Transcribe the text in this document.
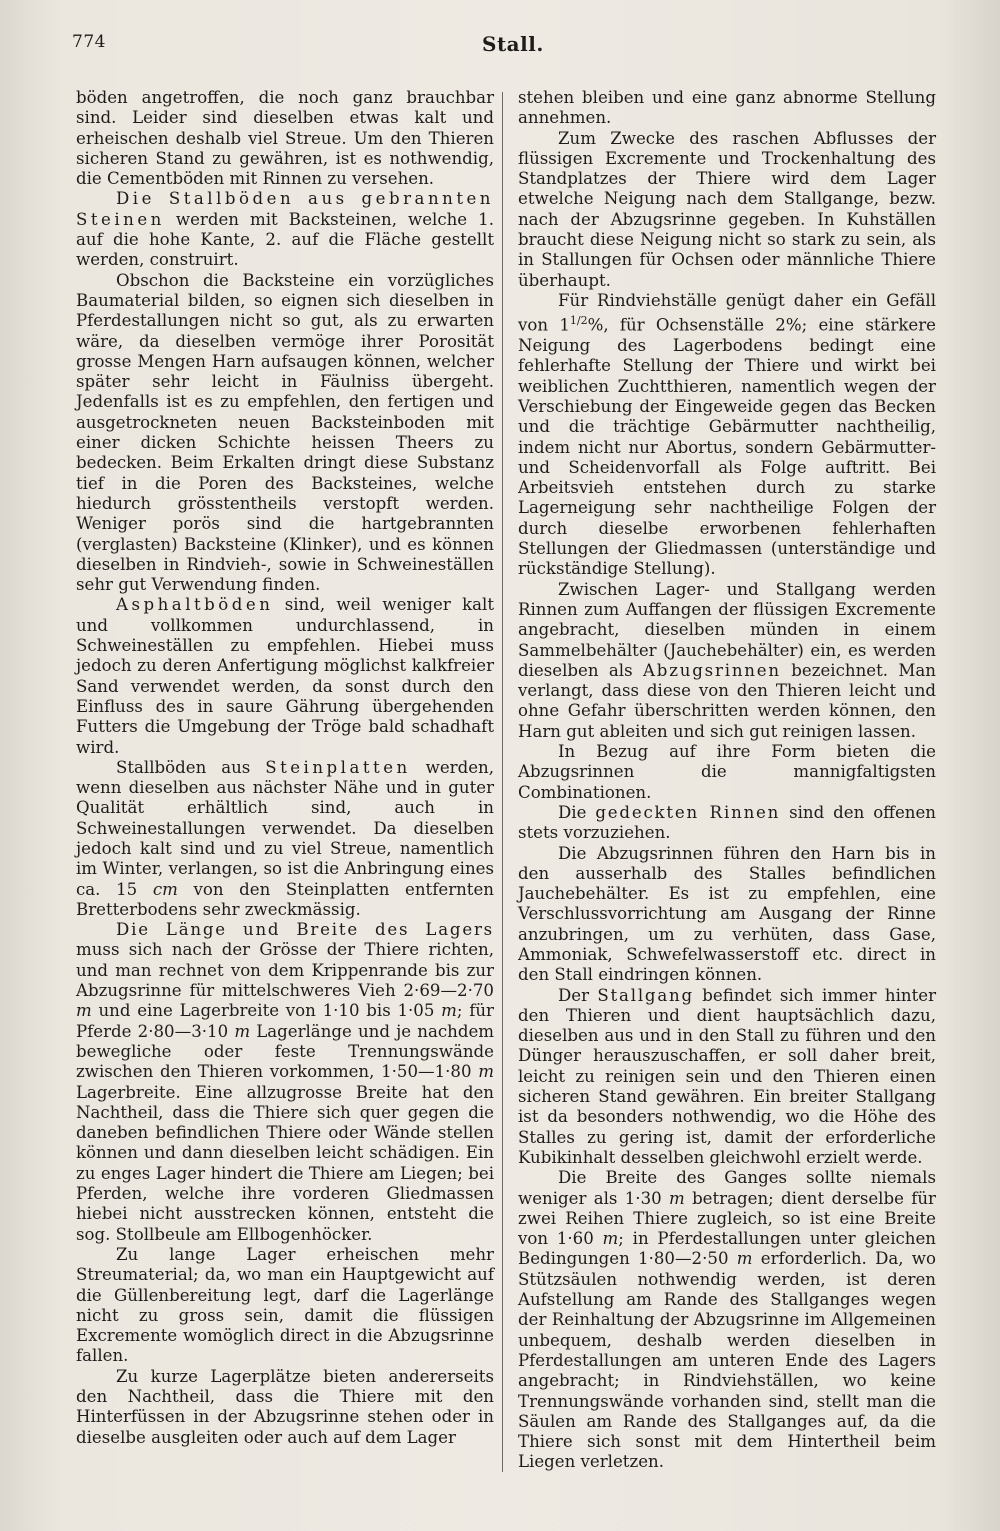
774	Stall.

böden angetroffen, die noch ganz brauchbar sind. Leider sind dieselben etwas kalt und erheischen deshalb viel Streue. Um den Thieren sicheren Stand zu gewähren, ist es nothwendig, die Cementböden mit Rinnen zu versehen.

Die Stallböden aus gebrannten Steinen werden mit Backsteinen, welche 1. auf die hohe Kante, 2. auf die Fläche gestellt werden, construirt.

Obschon die Backsteine ein vorzügliches Baumaterial bilden, so eignen sich dieselben in Pferdestallungen nicht so gut, als zu erwarten wäre, da dieselben vermöge ihrer Porosität grosse Mengen Harn aufsaugen können, welcher später sehr leicht in Fäulniss übergeht. Jedenfalls ist es zu empfehlen, den fertigen und ausgetrockneten neuen Backsteinboden mit einer dicken Schichte heissen Theers zu bedecken. Beim Erkalten dringt diese Substanz tief in die Poren des Backsteines, welche hiedurch grösstentheils verstopft werden. Weniger porös sind die hartgebrannten (verglasten) Backsteine (Klinker), und es können dieselben in Rindvieh-, sowie in Schweineställen sehr gut Verwendung finden.

Asphaltböden sind, weil weniger kalt und vollkommen undurchlassend, in Schweineställen zu empfehlen. Hiebei muss jedoch zu deren Anfertigung möglichst kalkfreier Sand verwendet werden, da sonst durch den Einfluss des in saure Gährung übergehenden Futters die Umgebung der Tröge bald schadhaft wird.

Stallböden aus Steinplatten werden, wenn dieselben aus nächster Nähe und in guter Qualität erhältlich sind, auch in Schweinestallungen verwendet. Da dieselben jedoch kalt sind und zu viel Streue, namentlich im Winter, verlangen, so ist die Anbringung eines ca. 15 cm von den Steinplatten entfernten Bretterbodens sehr zweckmässig.

Die Länge und Breite des Lagers muss sich nach der Grösse der Thiere richten, und man rechnet von dem Krippenrande bis zur Abzugsrinne für mittelschweres Vieh 2·69—2·70 m und eine Lagerbreite von 1·10 bis 1·05 m; für Pferde 2·80—3·10 m Lagerlänge und je nachdem bewegliche oder feste Trennungswände zwischen den Thieren vorkommen, 1·50—1·80 m Lagerbreite. Eine allzugrosse Breite hat den Nachtheil, dass die Thiere sich quer gegen die daneben befindlichen Thiere oder Wände stellen können und dann dieselben leicht schädigen. Ein zu enges Lager hindert die Thiere am Liegen; bei Pferden, welche ihre vorderen Gliedmassen hiebei nicht ausstrecken können, entsteht die sog. Stollbeule am Ellbogenhöcker.

Zu lange Lager erheischen mehr Streumaterial; da, wo man ein Hauptgewicht auf die Güllenbereitung legt, darf die Lagerlänge nicht zu gross sein, damit die flüssigen Excremente womöglich direct in die Abzugsrinne fallen.

Zu kurze Lagerplätze bieten andererseits den Nachtheil, dass die Thiere mit den Hinterfüssen in der Abzugsrinne stehen oder in dieselbe ausgleiten oder auch auf dem Lager

stehen bleiben und eine ganz abnorme Stellung annehmen.

Zum Zwecke des raschen Abflusses der flüssigen Excremente und Trockenhaltung des Standplatzes der Thiere wird dem Lager etwelche Neigung nach dem Stallgange, bezw. nach der Abzugsrinne gegeben. In Kuhställen braucht diese Neigung nicht so stark zu sein, als in Stallungen für Ochsen oder männliche Thiere überhaupt.

Für Rindviehställe genügt daher ein Gefäll von $1^{1/2}\%$, für Ochsenställe 2%; eine stärkere Neigung des Lagerbodens bedingt eine fehlerhafte Stellung der Thiere und wirkt bei weiblichen Zuchtthieren, namentlich wegen der Verschiebung der Eingeweide gegen das Becken und die trächtige Gebärmutter nachtheilig, indem nicht nur Abortus, sondern Gebärmutter- und Scheidenvorfall als Folge auftritt. Bei Arbeitsvieh entstehen durch zu starke Lagerneigung sehr nachtheilige Folgen der durch dieselbe erworbenen fehlerhaften Stellungen der Gliedmassen (unterständige und rückständige Stellung).

Zwischen Lager- und Stallgang werden Rinnen zum Auffangen der flüssigen Excremente angebracht, dieselben münden in einem Sammelbehälter (Jauchebehälter) ein, es werden dieselben als Abzugsrinnen bezeichnet. Man verlangt, dass diese von den Thieren leicht und ohne Gefahr überschritten werden können, den Harn gut ableiten und sich gut reinigen lassen.

In Bezug auf ihre Form bieten die Abzugsrinnen die mannigfaltigsten Combinationen.

Die gedeckten Rinnen sind den offenen stets vorzuziehen.

Die Abzugsrinnen führen den Harn bis in den ausserhalb des Stalles befindlichen Jauchebehälter. Es ist zu empfehlen, eine Verschlussvorrichtung am Ausgang der Rinne anzubringen, um zu verhüten, dass Gase, Ammoniak, Schwefelwasserstoff etc. direct in den Stall eindringen können.

Der Stallgang befindet sich immer hinter den Thieren und dient hauptsächlich dazu, dieselben aus und in den Stall zu führen und den Dünger herauszuschaffen, er soll daher breit, leicht zu reinigen sein und den Thieren einen sicheren Stand gewähren. Ein breiter Stallgang ist da besonders nothwendig, wo die Höhe des Stalles zu gering ist, damit der erforderliche Kubikinhalt desselben gleichwohl erzielt werde.

Die Breite des Ganges sollte niemals weniger als 1·30 m betragen; dient derselbe für zwei Reihen Thiere zugleich, so ist eine Breite von 1·60 m; in Pferdestallungen unter gleichen Bedingungen 1·80—2·50 m erforderlich. Da, wo Stützsäulen nothwendig werden, ist deren Aufstellung am Rande des Stallganges wegen der Reinhaltung der Abzugsrinne im Allgemeinen unbequem, deshalb werden dieselben in Pferdestallungen am unteren Ende des Lagers angebracht; in Rindviehställen, wo keine Trennungswände vorhanden sind, stellt man die Säulen am Rande des Stallganges auf, da die Thiere sich sonst mit dem Hintertheil beim Liegen verletzen.
